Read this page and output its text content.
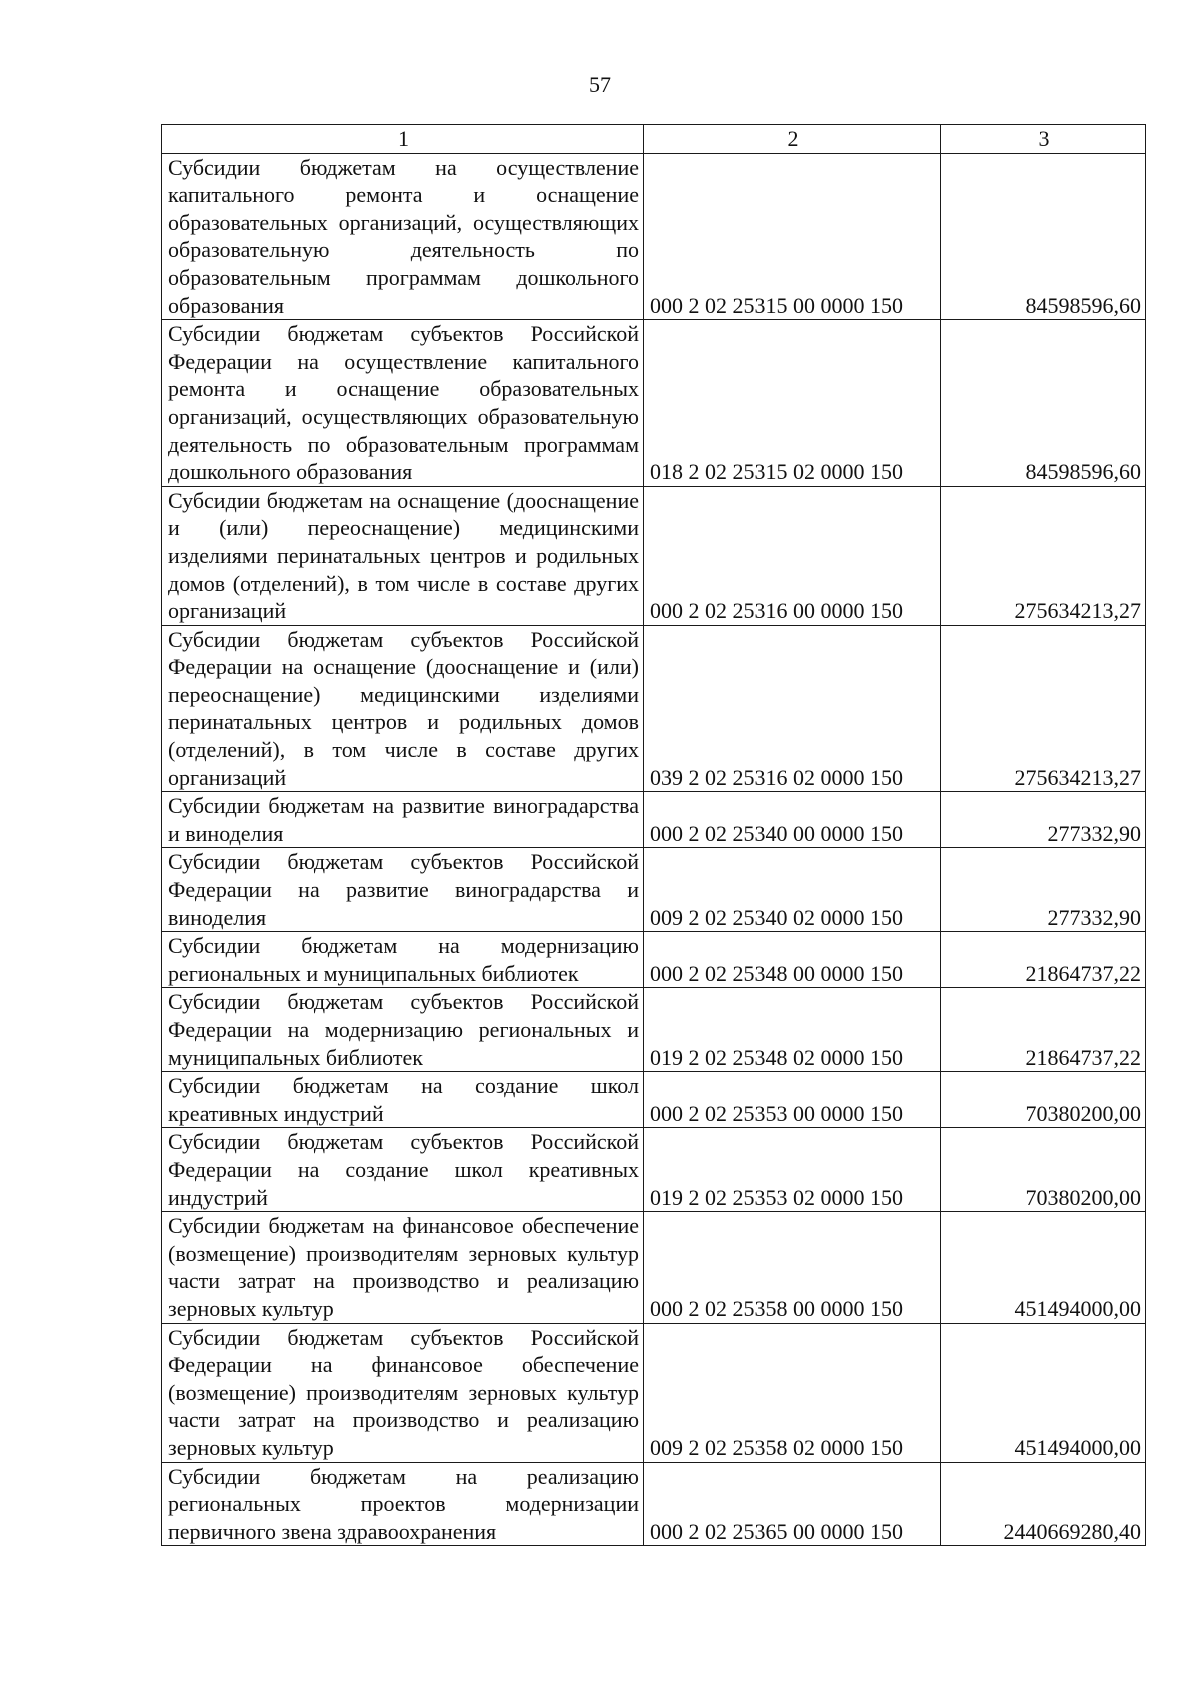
57
1	2	3
Субсидии бюджетам на осуществление капитального ремонта и оснащение образовательных организаций, осуществляющих образовательную деятельность по образовательным программам дошкольного образования	000 2 02 25315 00 0000 150	84598596,60
Субсидии бюджетам субъектов Российской Федерации на осуществление капитального ремонта и оснащение образовательных организаций, осуществляющих образовательную деятельность по образовательным программам дошкольного образования	018 2 02 25315 02 0000 150	84598596,60
Субсидии бюджетам на оснащение (дооснащение и (или) переоснащение) медицинскими изделиями перинатальных центров и родильных домов (отделений), в том числе в составе других организаций	000 2 02 25316 00 0000 150	275634213,27
Субсидии бюджетам субъектов Российской Федерации на оснащение (дооснащение и (или) переоснащение) медицинскими изделиями перинатальных центров и родильных домов (отделений), в том числе в составе других организаций	039 2 02 25316 02 0000 150	275634213,27
Субсидии бюджетам на развитие виноградарства и виноделия	000 2 02 25340 00 0000 150	277332,90
Субсидии бюджетам субъектов Российской Федерации на развитие виноградарства и виноделия	009 2 02 25340 02 0000 150	277332,90
Субсидии бюджетам на модернизацию региональных и муниципальных библиотек	000 2 02 25348 00 0000 150	21864737,22
Субсидии бюджетам субъектов Российской Федерации на модернизацию региональных и муниципальных библиотек	019 2 02 25348 02 0000 150	21864737,22
Субсидии бюджетам на создание школ креативных индустрий	000 2 02 25353 00 0000 150	70380200,00
Субсидии бюджетам субъектов Российской Федерации на создание школ креативных индустрий	019 2 02 25353 02 0000 150	70380200,00
Субсидии бюджетам на финансовое обеспечение (возмещение) производителям зерновых культур части затрат на производство и реализацию зерновых культур	000 2 02 25358 00 0000 150	451494000,00
Субсидии бюджетам субъектов Российской Федерации на финансовое обеспечение (возмещение) производителям зерновых культур части затрат на производство и реализацию зерновых культур	009 2 02 25358 02 0000 150	451494000,00
Субсидии бюджетам на реализацию региональных проектов модернизации первичного звена здравоохранения	000 2 02 25365 00 0000 150	2440669280,40
